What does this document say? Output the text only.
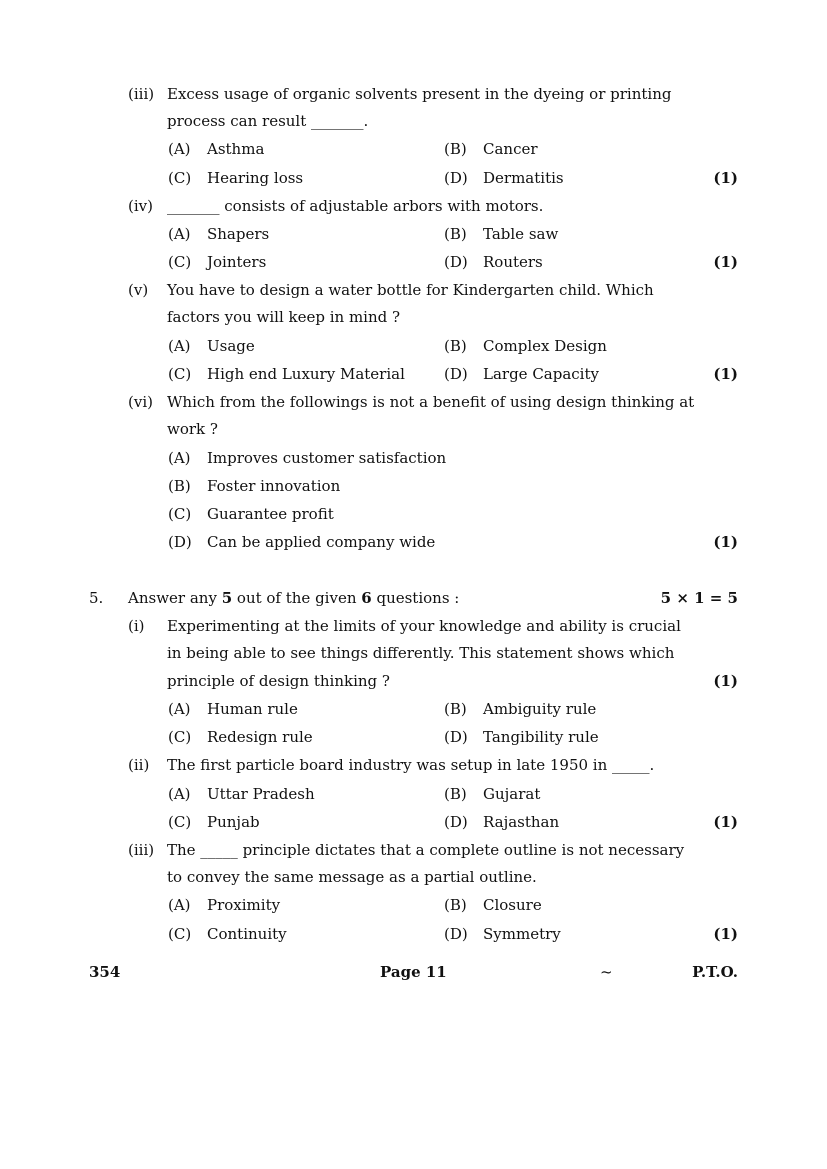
(iii) Excess usage of organic solvents present in the dyeing or printing
process can result _______.
(A) Asthma	(B) Cancer
(C) Hearing loss	(D) Dermatitis	(1)
(iv) _______ consists of adjustable arbors with motors.
(A) Shapers	(B) Table saw
(C) Jointers	(D) Routers	(1)
(v) You have to design a water bottle for Kindergarten child. Which
factors you will keep in mind ?
(A) Usage	(B) Complex Design
(C) High end Luxury Material	(D) Large Capacity	(1)
(vi) Which from the followings is not a benefit of using design thinking at
work ?
(A) Improves customer satisfaction
(B) Foster innovation
(C) Guarantee profit
(D) Can be applied company wide	(1)
5. Answer any 5 out of the given 6 questions :	5 × 1 = 5
(i) Experimenting at the limits of your knowledge and ability is crucial
in being able to see things differently. This statement shows which
principle of design thinking ?	(1)
(A) Human rule	(B) Ambiguity rule
(C) Redesign rule	(D) Tangibility rule
(ii) The first particle board industry was setup in late 1950 in _____.
(A) Uttar Pradesh	(B) Gujarat
(C) Punjab	(D) Rajasthan	(1)
(iii) The _____ principle dictates that a complete outline is not necessary
to convey the same message as a partial outline.
(A) Proximity	(B) Closure
(C) Continuity	(D) Symmetry	(1)
354	Page 11	~	P.T.O.
